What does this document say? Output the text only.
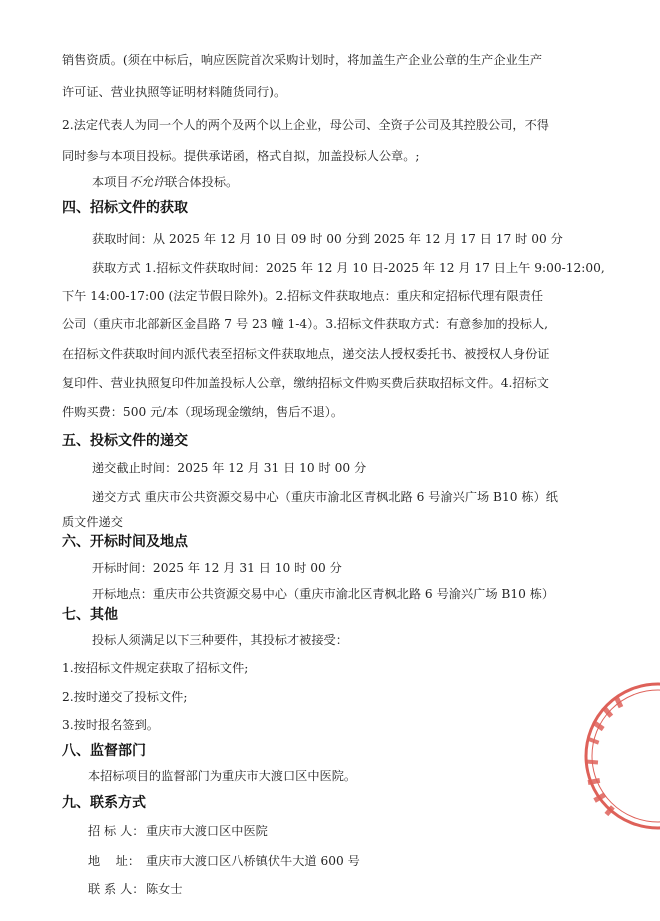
销售资质。(须在中标后，响应医院首次采购计划时，将加盖生产企业公章的生产企业生产
许可证、营业执照等证明材料随货同行)。
2.法定代表人为同一个人的两个及两个以上企业，母公司、全资子公司及其控股公司，不得
同时参与本项目投标。提供承诺函，格式自拟，加盖投标人公章。;
本项目不允许联合体投标。
四、招标文件的获取
获取时间：从 2025 年 12 月 10 日 09 时 00 分到 2025 年 12 月 17 日 17 时 00 分
获取方式 1.招标文件获取时间：2025 年 12 月 10 日-2025 年 12 月 17 日上午 9:00-12:00,
下午 14:00-17:00 (法定节假日除外)。2.招标文件获取地点：重庆和定招标代理有限责任
公司（重庆市北部新区金昌路 7 号 23 幢 1-4）。3.招标文件获取方式：有意参加的投标人,
在招标文件获取时间内派代表至招标文件获取地点，递交法人授权委托书、被授权人身份证
复印件、营业执照复印件加盖投标人公章，缴纳招标文件购买费后获取招标文件。4.招标文
件购买费：500 元/本（现场现金缴纳，售后不退）。
五、投标文件的递交
递交截止时间：2025 年 12 月 31 日 10 时 00 分
递交方式 重庆市公共资源交易中心（重庆市渝北区青枫北路 6 号渝兴广场 B10 栋）纸
质文件递交
六、开标时间及地点
开标时间：2025 年 12 月 31 日 10 时 00 分
开标地点：重庆市公共资源交易中心（重庆市渝北区青枫北路 6 号渝兴广场 B10 栋）
七、其他
投标人须满足以下三种要件，其投标才被接受：
1.按招标文件规定获取了招标文件;
2.按时递交了投标文件;
3.按时报名签到。
八、监督部门
本招标项目的监督部门为重庆市大渡口区中医院。
九、联系方式
招 标 人： 重庆市大渡口区中医院
地    址： 重庆市大渡口区八桥镇伏牛大道 600 号
联 系 人： 陈女士
